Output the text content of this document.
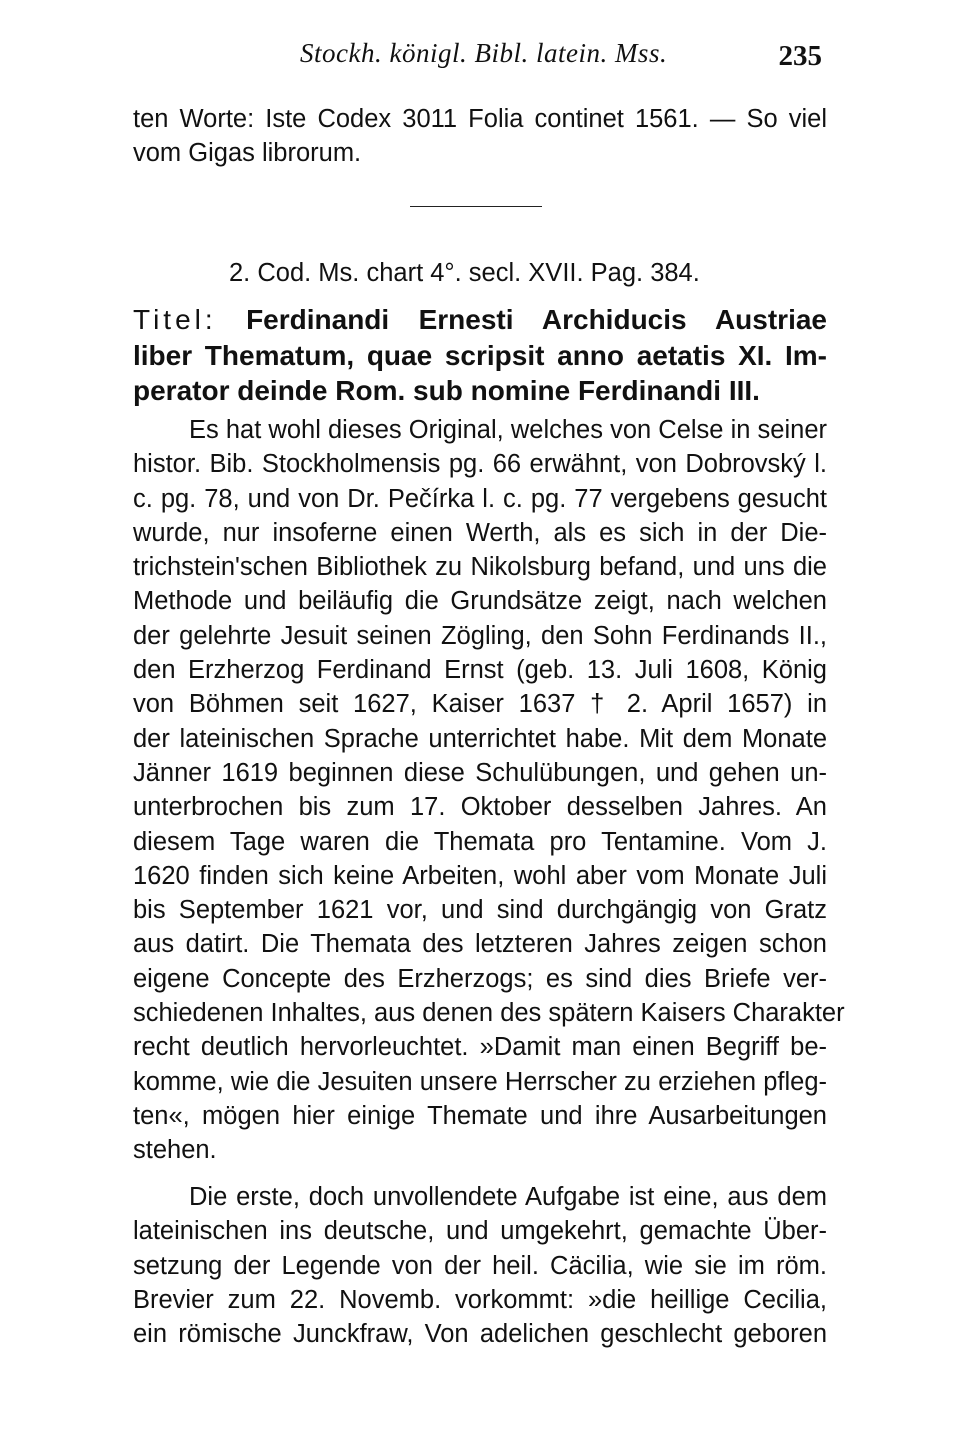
Stockh. königl. Bibl. latein. Mss.	235
ten Worte: Iste Codex 3011 Folia continet 1561. — So viel
vom Gigas librorum.
2. Cod. Ms. chart 4°. secl. XVII. Pag. 384.
Titel: Ferdinandi Ernesti Archiducis Austriae
liber Thematum, quae scripsit anno aetatis XI. Im-
perator deinde Rom. sub nomine Ferdinandi III.
Es hat wohl dieses Original, welches von Celse in seiner
histor. Bib. Stockholmensis pg. 66 erwähnt, von Dobrovský l.
c. pg. 78, und von Dr. Pečírka l. c. pg. 77 vergebens gesucht
wurde, nur insoferne einen Werth, als es sich in der Die-
trichstein'schen Bibliothek zu Nikolsburg befand, und uns die
Methode und beiläufig die Grundsätze zeigt, nach welchen
der gelehrte Jesuit seinen Zögling, den Sohn Ferdinands II.,
den Erzherzog Ferdinand Ernst (geb. 13. Juli 1608, König
von Böhmen seit 1627, Kaiser 1637 † 2. April 1657) in
der lateinischen Sprache unterrichtet habe. Mit dem Monate
Jänner 1619 beginnen diese Schulübungen, und gehen un-
unterbrochen bis zum 17. Oktober desselben Jahres. An
diesem Tage waren die Themata pro Tentamine. Vom J.
1620 finden sich keine Arbeiten, wohl aber vom Monate Juli
bis September 1621 vor, und sind durchgängig von Gratz
aus datirt. Die Themata des letzteren Jahres zeigen schon
eigene Concepte des Erzherzogs; es sind dies Briefe ver-
schiedenen Inhaltes, aus denen des spätern Kaisers Charakter
recht deutlich hervorleuchtet. »Damit man einen Begriff be-
komme, wie die Jesuiten unsere Herrscher zu erziehen pfleg-
ten«, mögen hier einige Themate und ihre Ausarbeitungen
stehen.
Die erste, doch unvollendete Aufgabe ist eine, aus dem
lateinischen ins deutsche, und umgekehrt, gemachte Über-
setzung der Legende von der heil. Cäcilia, wie sie im röm.
Brevier zum 22. Novemb. vorkommt: »die heillige Cecilia,
ein römische Junckfraw, Von adelichen geschlecht geboren
